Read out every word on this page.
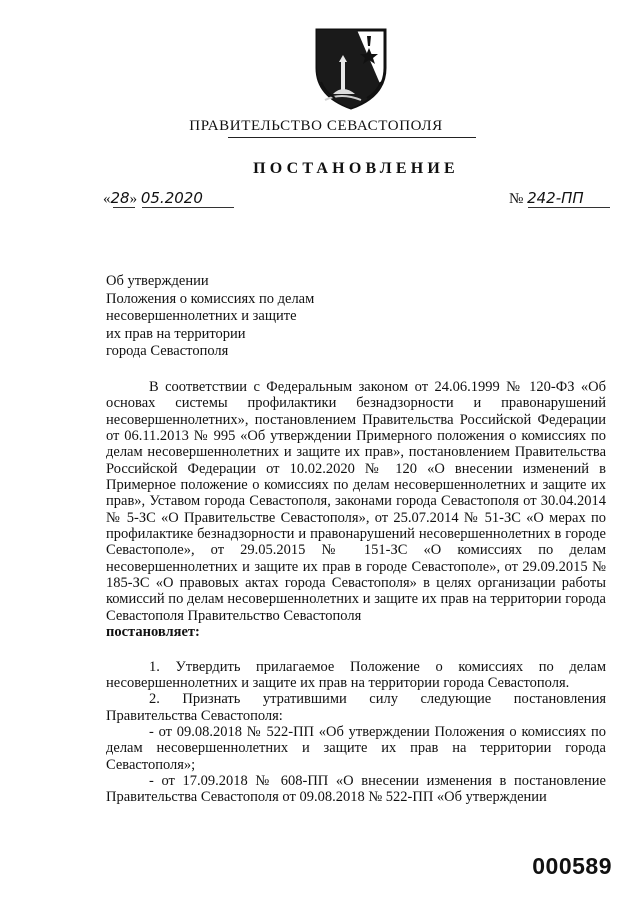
ПРАВИТЕЛЬСТВО СЕВАСТОПОЛЯ
ПОСТАНОВЛЕНИЕ
«28» 05.2020	№ 242-ПП
Об утверждении
Положения о комиссиях по делам
несовершеннолетних и защите
их прав на территории
города Севастополя

В соответствии с Федеральным законом от 24.06.1999 № 120-ФЗ «Об основах системы профилактики безнадзорности и правонарушений несовершеннолетних», постановлением Правительства Российской Федерации от 06.11.2013 № 995 «Об утверждении Примерного положения о комиссиях по делам несовершеннолетних и защите их прав», постановлением Правительства Российской Федерации от 10.02.2020 № 120 «О внесении изменений в Примерное положение о комиссиях по делам несовершеннолетних и защите их прав», Уставом города Севастополя, законами города Севастополя от 30.04.2014 № 5-ЗС «О Правительстве Севастополя», от 25.07.2014 № 51-ЗС «О мерах по профилактике безнадзорности и правонарушений несовершеннолетних в городе Севастополе», от 29.05.2015 № 151-ЗС «О комиссиях по делам несовершеннолетних и защите их прав в городе Севастополе», от 29.09.2015 № 185-ЗС «О правовых актах города Севастополя» в целях организации работы комиссий по делам несовершеннолетних и защите их прав на территории города Севастополя Правительство Севастополя

постановляет:

1. Утвердить прилагаемое Положение о комиссиях по делам несовершеннолетних и защите их прав на территории города Севастополя.

2. Признать утратившими силу следующие постановления Правительства Севастополя:

- от 09.08.2018 № 522-ПП «Об утверждении Положения о комиссиях по делам несовершеннолетних и защите их прав на территории города Севастополя»;

- от 17.09.2018 № 608-ПП «О внесении изменения в постановление Правительства Севастополя от 09.08.2018 № 522-ПП «Об утверждении

000589
